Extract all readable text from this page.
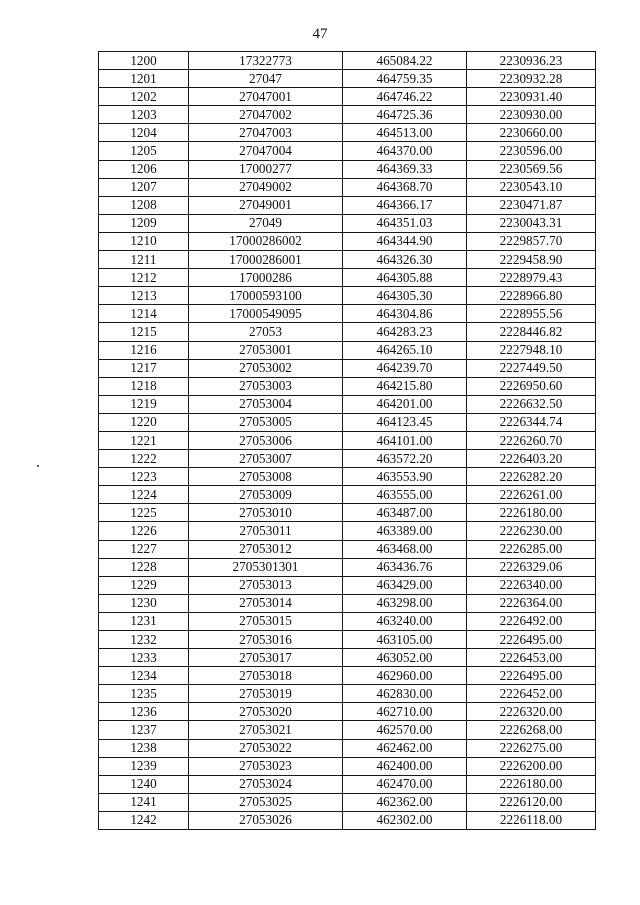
47
1200	17322773	465084.22	2230936.23
1201	27047	464759.35	2230932.28
1202	27047001	464746.22	2230931.40
1203	27047002	464725.36	2230930.00
1204	27047003	464513.00	2230660.00
1205	27047004	464370.00	2230596.00
1206	17000277	464369.33	2230569.56
1207	27049002	464368.70	2230543.10
1208	27049001	464366.17	2230471.87
1209	27049	464351.03	2230043.31
1210	17000286002	464344.90	2229857.70
1211	17000286001	464326.30	2229458.90
1212	17000286	464305.88	2228979.43
1213	17000593100	464305.30	2228966.80
1214	17000549095	464304.86	2228955.56
1215	27053	464283.23	2228446.82
1216	27053001	464265.10	2227948.10
1217	27053002	464239.70	2227449.50
1218	27053003	464215.80	2226950.60
1219	27053004	464201.00	2226632.50
1220	27053005	464123.45	2226344.74
1221	27053006	464101.00	2226260.70
1222	27053007	463572.20	2226403.20
1223	27053008	463553.90	2226282.20
1224	27053009	463555.00	2226261.00
1225	27053010	463487.00	2226180.00
1226	27053011	463389.00	2226230.00
1227	27053012	463468.00	2226285.00
1228	2705301301	463436.76	2226329.06
1229	27053013	463429.00	2226340.00
1230	27053014	463298.00	2226364.00
1231	27053015	463240.00	2226492.00
1232	27053016	463105.00	2226495.00
1233	27053017	463052.00	2226453.00
1234	27053018	462960.00	2226495.00
1235	27053019	462830.00	2226452.00
1236	27053020	462710.00	2226320.00
1237	27053021	462570.00	2226268.00
1238	27053022	462462.00	2226275.00
1239	27053023	462400.00	2226200.00
1240	27053024	462470.00	2226180.00
1241	27053025	462362.00	2226120.00
1242	27053026	462302.00	2226118.00
